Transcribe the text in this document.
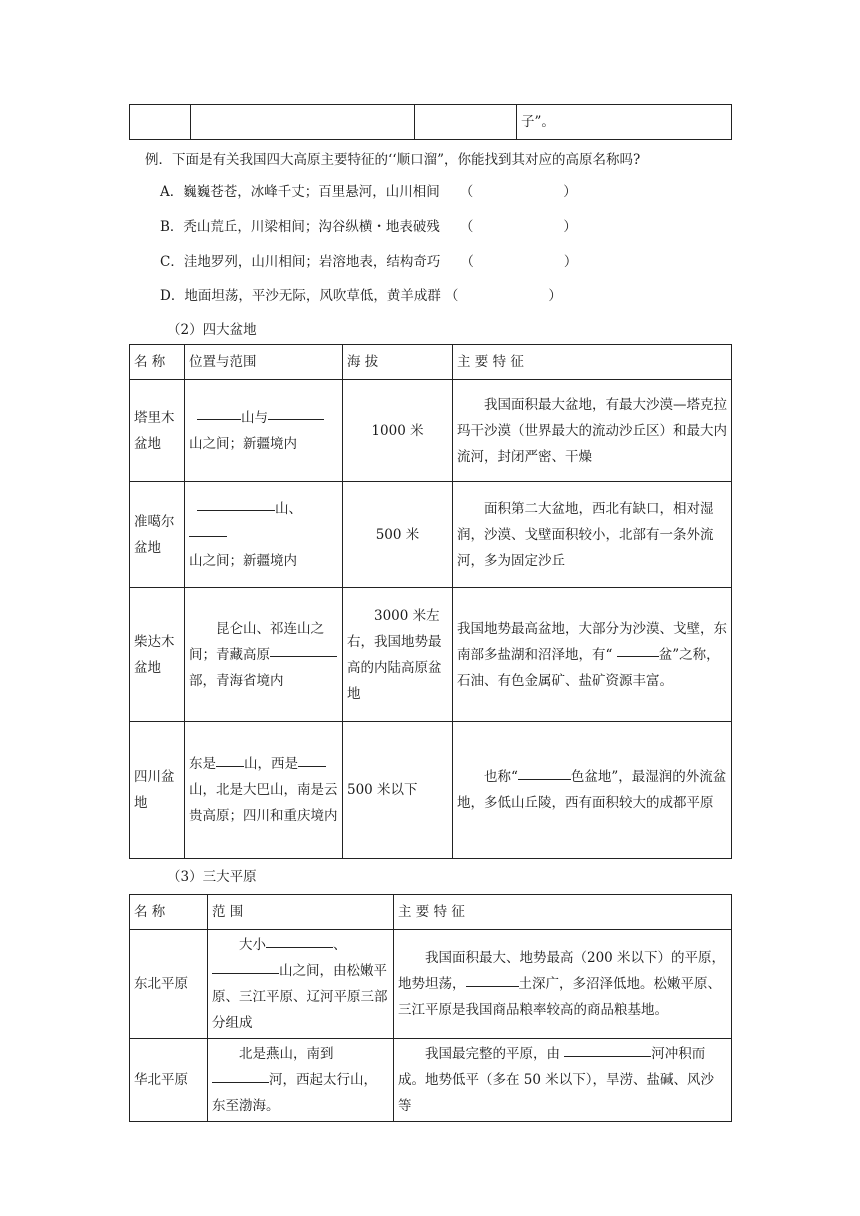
			子”。
例．下面是有关我国四大高原主要特征的‘‘顺口溜”，你能找到其对应的高原名称吗?
A．巍巍苍苍，冰峰千丈；百里悬河，山川相间 （	）
B．秃山荒丘，川梁相间；沟谷纵横・地表破残 （	）
C．洼地罗列，山川相间；岩溶地表，结构奇巧 （	）
D．地面坦荡，平沙无际，风吹草低，黄羊成群 （	）
（2）四大盆地
名 称	位置与范围	海 拔	主 要 特 征
塔里木盆地	山与
山之间；新疆境内	1000 米	我国面积最大盆地，有最大沙漠—塔克拉玛干沙漠（世界最大的流动沙丘区）和最大内流河，封闭严密、干燥
准噶尔盆地	山、
山之间；新疆境内	500 米	面积第二大盆地，西北有缺口，相对湿润，沙漠、戈壁面积较小，北部有一条外流河，多为固定沙丘
柴达木盆地	昆仑山、祁连山之间；青藏高原部，青海省境内	3000 米左右，我国地势最高的内陆高原盆地	我国地势最高盆地，大部分为沙漠、戈壁，东南部多盐湖和沼泽地，有“ 盆”之称，石油、有色金属矿、盐矿资源丰富。
四川盆地	东是 山，西是山，北是大巴山，南是云贵高原；四川和重庆境内	500 米以下	也称“ 色盆地”，最湿润的外流盆地，多低山丘陵，西有面积较大的成都平原
（3）三大平原
名 称	范 围	主 要 特 征
东北平原	大小 、山之间，由松嫩平原、三江平原、辽河平原三部分组成	我国面积最大、地势最高（200 米以下）的平原，地势坦荡， 土深广，多沼泽低地。松嫩平原、三江平原是我国商品粮率较高的商品粮基地。
华北平原	北是燕山，南到河，西起太行山，东至渤海。	我国最完整的平原，由 河冲积而成。地势低平（多在 50 米以下），旱涝、盐碱、风沙等
